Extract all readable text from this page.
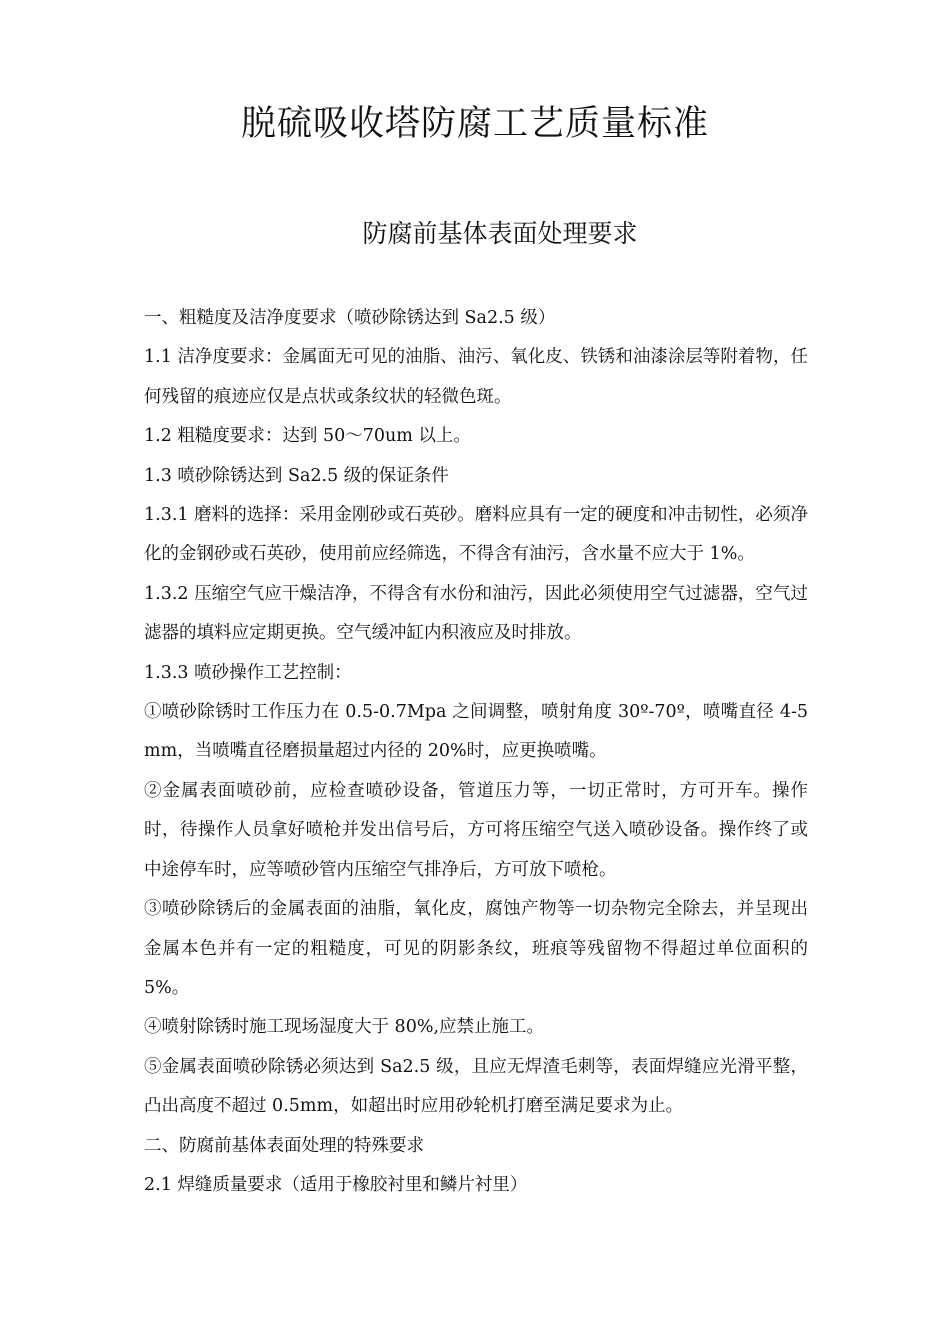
脱硫吸收塔防腐工艺质量标准
防腐前基体表面处理要求

一、粗糙度及洁净度要求（喷砂除锈达到 Sa2.5 级）

1.1 洁净度要求：金属面无可见的油脂、油污、氧化皮、铁锈和油漆涂层等附着物，任何残留的痕迹应仅是点状或条纹状的轻微色斑。

1.2 粗糙度要求：达到 50～70um 以上。

1.3 喷砂除锈达到 Sa2.5 级的保证条件

1.3.1 磨料的选择：采用金刚砂或石英砂。磨料应具有一定的硬度和冲击韧性，必须净化的金钢砂或石英砂，使用前应经筛选，不得含有油污，含水量不应大于 1%。

1.3.2 压缩空气应干燥洁净，不得含有水份和油污，因此必须使用空气过滤器，空气过滤器的填料应定期更换。空气缓冲缸内积液应及时排放。

1.3.3 喷砂操作工艺控制：

①喷砂除锈时工作压力在 0.5-0.7Mpa 之间调整，喷射角度 30º-70º，喷嘴直径 4-5mm，当喷嘴直径磨损量超过内径的 20%时，应更换喷嘴。

②金属表面喷砂前，应检查喷砂设备，管道压力等，一切正常时，方可开车。操作时，待操作人员拿好喷枪并发出信号后，方可将压缩空气送入喷砂设备。操作终了或中途停车时，应等喷砂管内压缩空气排净后，方可放下喷枪。

③喷砂除锈后的金属表面的油脂，氧化皮，腐蚀产物等一切杂物完全除去，并呈现出金属本色并有一定的粗糙度，可见的阴影条纹，班痕等残留物不得超过单位面积的 5%。

④喷射除锈时施工现场湿度大于 80%,应禁止施工。

⑤金属表面喷砂除锈必须达到 Sa2.5 级，且应无焊渣毛刺等，表面焊缝应光滑平整，凸出高度不超过 0.5mm，如超出时应用砂轮机打磨至满足要求为止。

二、防腐前基体表面处理的特殊要求

2.1 焊缝质量要求（适用于橡胶衬里和鳞片衬里）
